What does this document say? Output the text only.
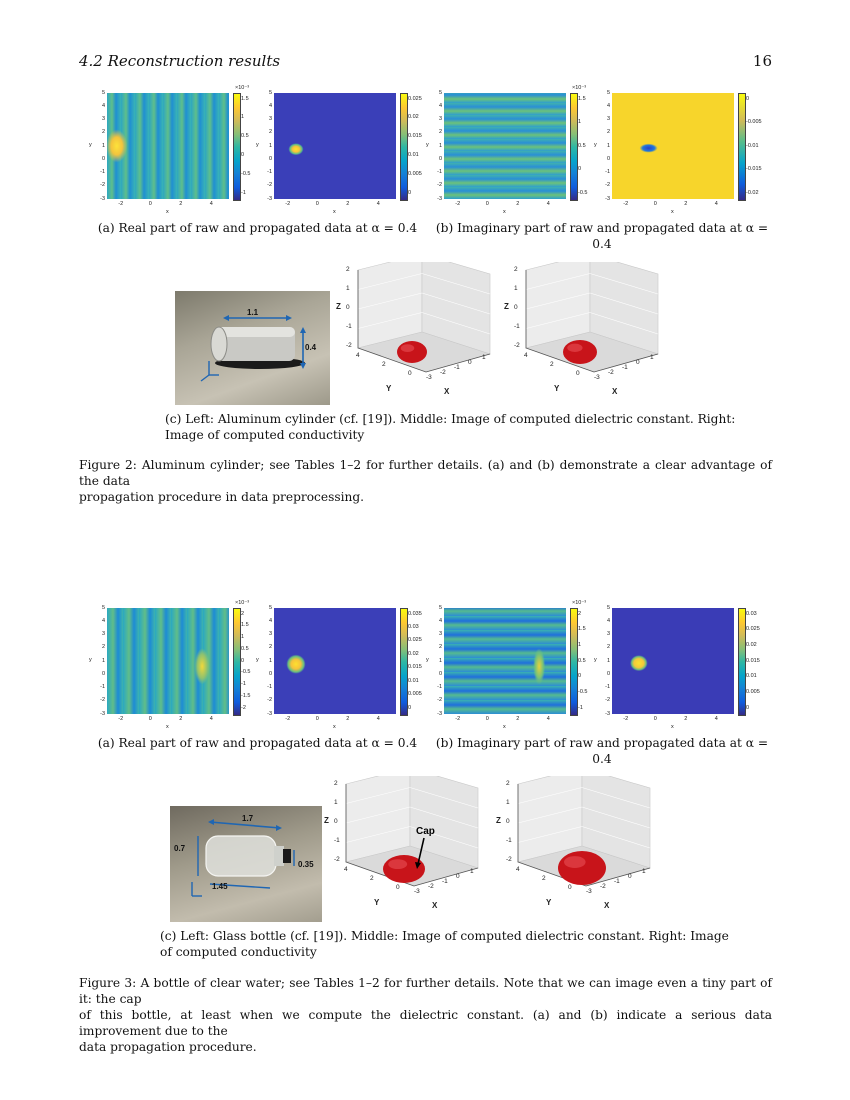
4.2 Reconstruction results	16
5
4
3
2
1
0
-1
-2
-3
y
-2	0	2	4
x
1.5
1
0.5
0
-0.5
-1
×10⁻³
5
4
3
2
1
0
-1
-2
-3
y
-2	0	2	4
x
0.025
0.02
0.015
0.01
0.005
0
5
4
3
2
1
0
-1
-2
-3
y
-2	0	2	4
x
1.5
1
0.5
0
-0.5
×10⁻³
5
4
3
2
1
0
-1
-2
-3
y
-2	0	2	4
x
0
-0.005
-0.01
-0.015
-0.02
(a) Real part of raw and propagated data at α = 0.4	(b) Imaginary part of raw and propagated data at α = 0.4
1.1
0.4
2
1
0
-1
-2
Z
4
2
0
Y
-3
-2
-1
0
1
X
2
1
0
-1
-2
Z
4
2
0
Y
-3
-2
-1
0
1
X
(c) Left: Aluminum cylinder (cf. [19]). Middle: Image of computed dielectric constant. Right:
Image of computed conductivity
Figure 2: Aluminum cylinder; see Tables 1–2 for further details. (a) and (b) demonstrate a clear advantage of the data
propagation procedure in data preprocessing.
5
4
3
2
1
0
-1
-2
-3
y
-2	0	2	4
x
2
1.5
1
0.5
0
-0.5
-1
-1.5
-2
×10⁻³
5
4
3
2
1
0
-1
-2
-3
y
-2	0	2	4
x
0.035
0.03
0.025
0.02
0.015
0.01
0.005
0
5
4
3
2
1
0
-1
-2
-3
y
-2	0	2	4
x
2
1.5
1
0.5
0
-0.5
-1
×10⁻³
5
4
3
2
1
0
-1
-2
-3
y
-2	0	2	4
x
0.03
0.025
0.02
0.015
0.01
0.005
0
(a) Real part of raw and propagated data at α = 0.4	(b) Imaginary part of raw and propagated data at α = 0.4
1.7
0.7
0.35
1.45
2
1
0
-1
-2
Z
4
2
0
Y
-3
-2
-1
0
1
X
Cap
2
1
0
-1
-2
Z
4
2
0
Y
-3
-2
-1
0
1
X
(c) Left: Glass bottle (cf. [19]). Middle: Image of computed dielectric constant. Right: Image
of computed conductivity
Figure 3: A bottle of clear water; see Tables 1–2 for further details. Note that we can image even a tiny part of it: the cap
of this bottle, at least when we compute the dielectric constant. (a) and (b) indicate a serious data improvement due to the
data propagation procedure.
